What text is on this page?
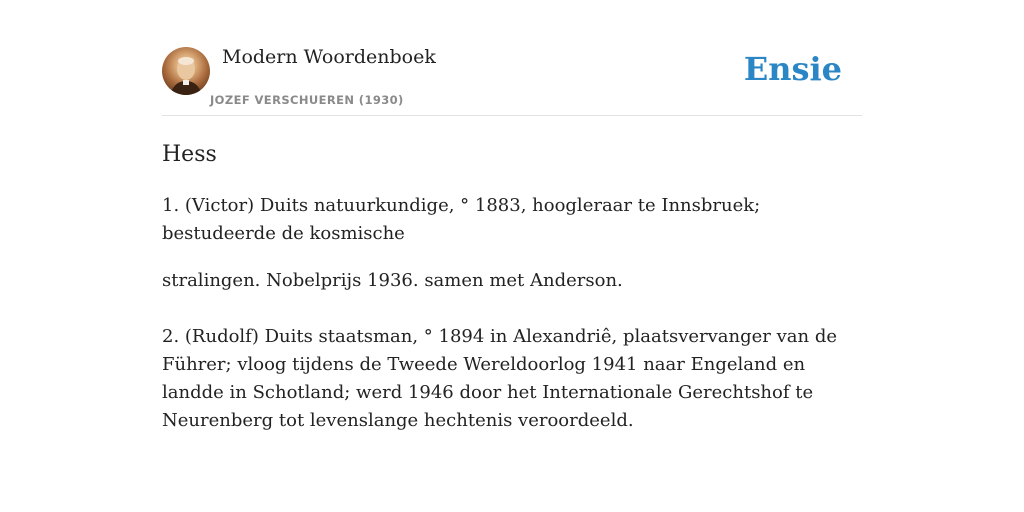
Modern Woordenboek
JOZEF VERSCHUEREN (1930)
Ensie
Hess

1. (Victor) Duits natuurkundige, ° 1883, hoogleraar te Innsbruek; bestudeerde de kosmische

stralingen. Nobelprijs 1936. samen met Anderson.

2. (Rudolf) Duits staatsman, ° 1894 in Alexandriê, plaatsvervanger van de Führer; vloog tijdens de Tweede Wereldoorlog 1941 naar Engeland en landde in Schotland; werd 1946 door het Internationale Gerechtshof te Neurenberg tot levenslange hechtenis veroordeeld.
